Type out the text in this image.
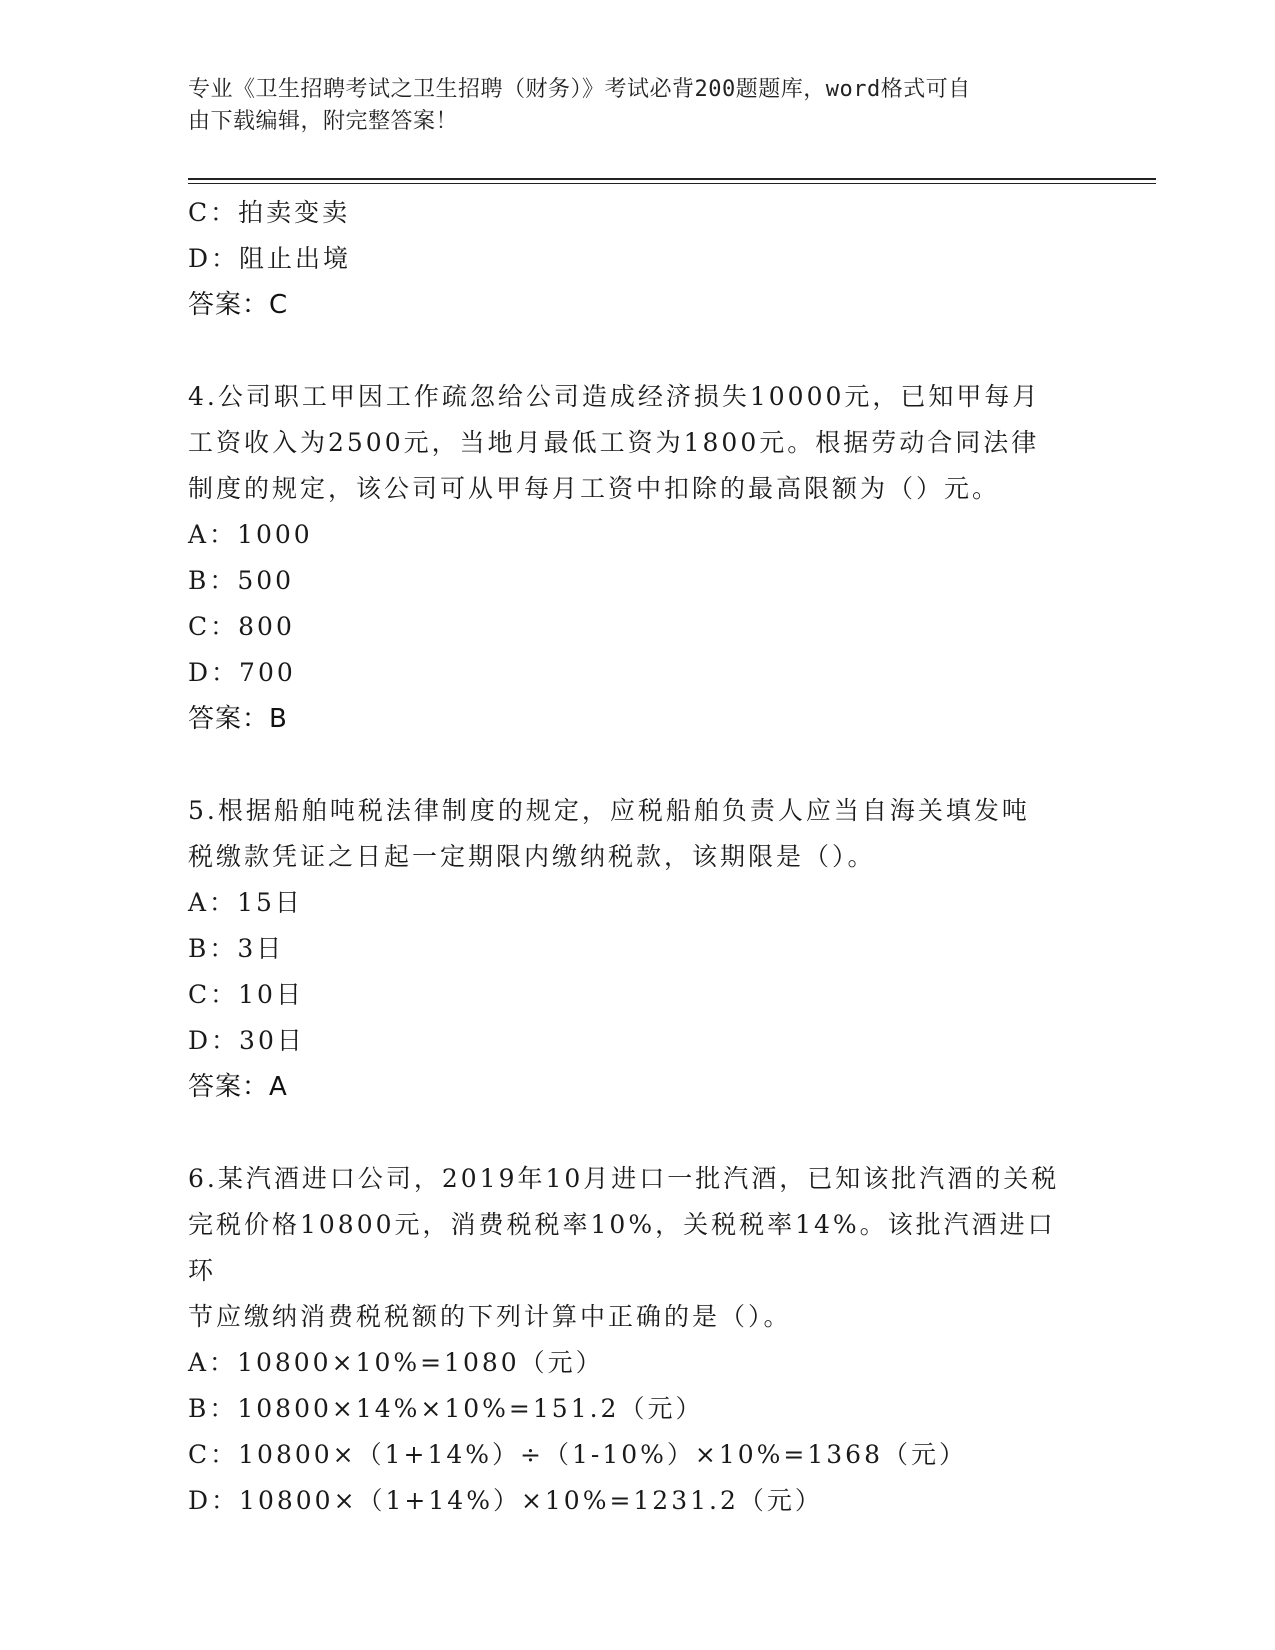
专业《卫生招聘考试之卫生招聘（财务）》考试必背200题题库，word格式可自
由下载编辑，附完整答案！
C：拍卖变卖
D：阻止出境
答案：C
4.公司职工甲因工作疏忽给公司造成经济损失10000元，已知甲每月
工资收入为2500元，当地月最低工资为1800元。根据劳动合同法律
制度的规定，该公司可从甲每月工资中扣除的最高限额为（）元。
A：1000
B：500
C：800
D：700
答案：B
5.根据船舶吨税法律制度的规定，应税船舶负责人应当自海关填发吨
税缴款凭证之日起一定期限内缴纳税款，该期限是（）。
A：15日
B：3日
C：10日
D：30日
答案：A
6.某汽酒进口公司，2019年10月进口一批汽酒，已知该批汽酒的关税
完税价格10800元，消费税税率10%，关税税率14%。该批汽酒进口环
节应缴纳消费税税额的下列计算中正确的是（）。
A：10800×10%=1080（元）
B：10800×14%×10%=151.2（元）
C：10800×（1+14%）÷（1-10%）×10%=1368（元）
D：10800×（1+14%）×10%=1231.2（元）
